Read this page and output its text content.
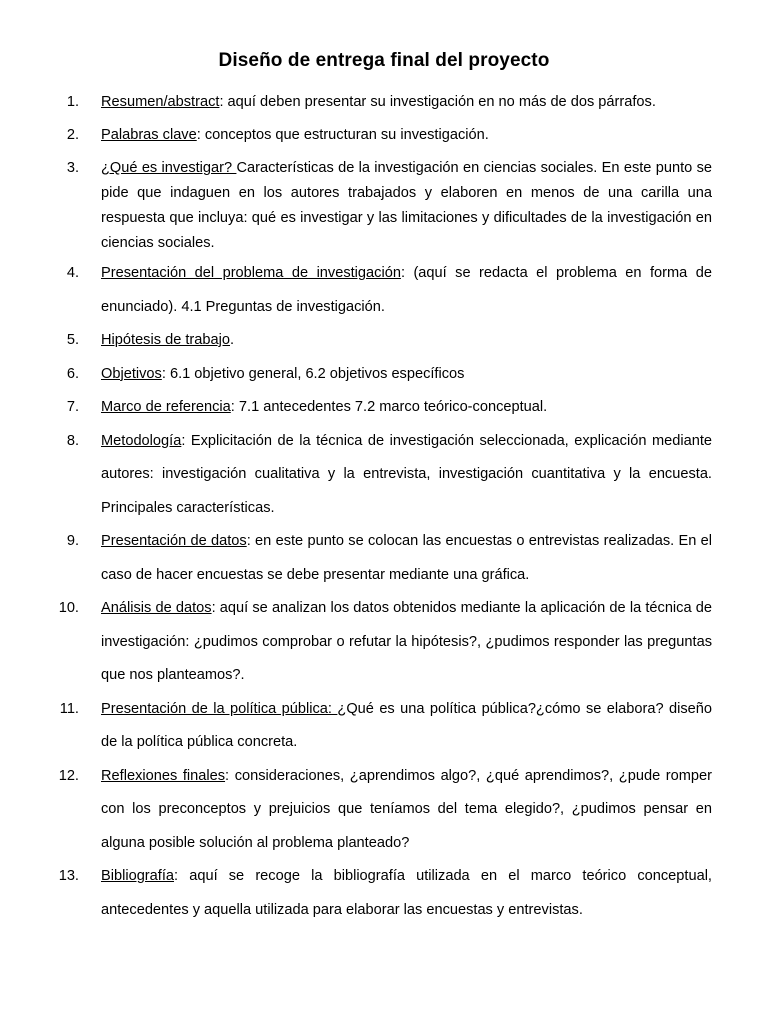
Diseño de entrega final del proyecto
1. Resumen/abstract: aquí deben presentar su investigación en no más de dos párrafos.
2. Palabras clave: conceptos que estructuran su investigación.
3. ¿Qué es investigar? Características de la investigación en ciencias sociales. En este punto se pide que indaguen en los autores trabajados y elaboren en menos de una carilla una respuesta que incluya: qué es investigar y las limitaciones y dificultades de la investigación en ciencias sociales.
4. Presentación del problema de investigación: (aquí se redacta el problema en forma de enunciado). 4.1 Preguntas de investigación.
5. Hipótesis de trabajo.
6. Objetivos: 6.1 objetivo general, 6.2 objetivos específicos
7. Marco de referencia: 7.1 antecedentes 7.2 marco teórico-conceptual.
8. Metodología: Explicitación de la técnica de investigación seleccionada, explicación mediante autores: investigación cualitativa y la entrevista, investigación cuantitativa y la encuesta. Principales características.
9. Presentación de datos: en este punto se colocan las encuestas o entrevistas realizadas. En el caso de hacer encuestas se debe presentar mediante una gráfica.
10. Análisis de datos: aquí se analizan los datos obtenidos mediante la aplicación de la técnica de investigación: ¿pudimos comprobar o refutar la hipótesis?, ¿pudimos responder las preguntas que nos planteamos?.
11. Presentación de la política pública: ¿Qué es una política pública?¿cómo se elabora? diseño de la política pública concreta.
12. Reflexiones finales: consideraciones, ¿aprendimos algo?, ¿qué aprendimos?, ¿pude romper con los preconceptos y prejuicios que teníamos del tema elegido?, ¿pudimos pensar en alguna posible solución al problema planteado?
13. Bibliografía: aquí se recoge la bibliografía utilizada en el marco teórico conceptual, antecedentes y aquella utilizada para elaborar las encuestas y entrevistas.
